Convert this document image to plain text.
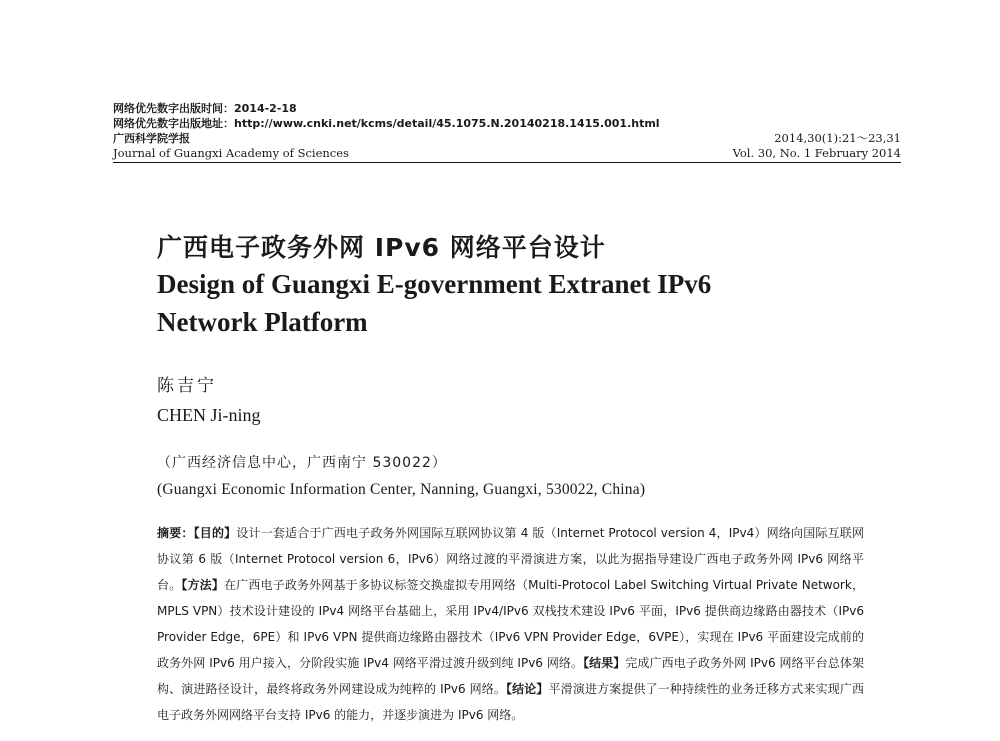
网络优先数字出版时间：2014-2-18
网络优先数字出版地址：http://www.cnki.net/kcms/detail/45.1075.N.20140218.1415.001.html
广西科学院学报	2014,30(1):21～23,31
Journal of Guangxi Academy of Sciences	Vol. 30, No. 1 February 2014
广西电子政务外网 IPv6 网络平台设计
Design of Guangxi E-government Extranet IPv6
Network Platform
陈吉宁
CHEN Ji-ning
（广西经济信息中心，广西南宁 530022）
(Guangxi Economic Information Center, Nanning, Guangxi, 530022, China)

摘要：【目的】设计一套适合于广西电子政务外网国际互联网协议第 4 版（Internet Protocol version 4，IPv4）网络向国际互联网协议第 6 版（Internet Protocol version 6，IPv6）网络过渡的平滑演进方案，以此为据指导建设广西电子政务外网 IPv6 网络平台。【方法】在广西电子政务外网基于多协议标签交换虚拟专用网络（Multi-Protocol Label Switching Virtual Private Network，MPLS VPN）技术设计建设的 IPv4 网络平台基础上，采用 IPv4/IPv6 双栈技术建设 IPv6 平面，IPv6 提供商边缘路由器技术（IPv6 Provider Edge，6PE）和 IPv6 VPN 提供商边缘路由器技术（IPv6 VPN Provider Edge，6VPE），实现在 IPv6 平面建设完成前的政务外网 IPv6 用户接入，分阶段实施 IPv4 网络平滑过渡升级到纯 IPv6 网络。【结果】完成广西电子政务外网 IPv6 网络平台总体架构、演进路径设计，最终将政务外网建设成为纯粹的 IPv6 网络。【结论】平滑演进方案提供了一种持续性的业务迁移方式来实现广西电子政务外网网络平台支持 IPv6 的能力，并逐步演进为 IPv6 网络。
